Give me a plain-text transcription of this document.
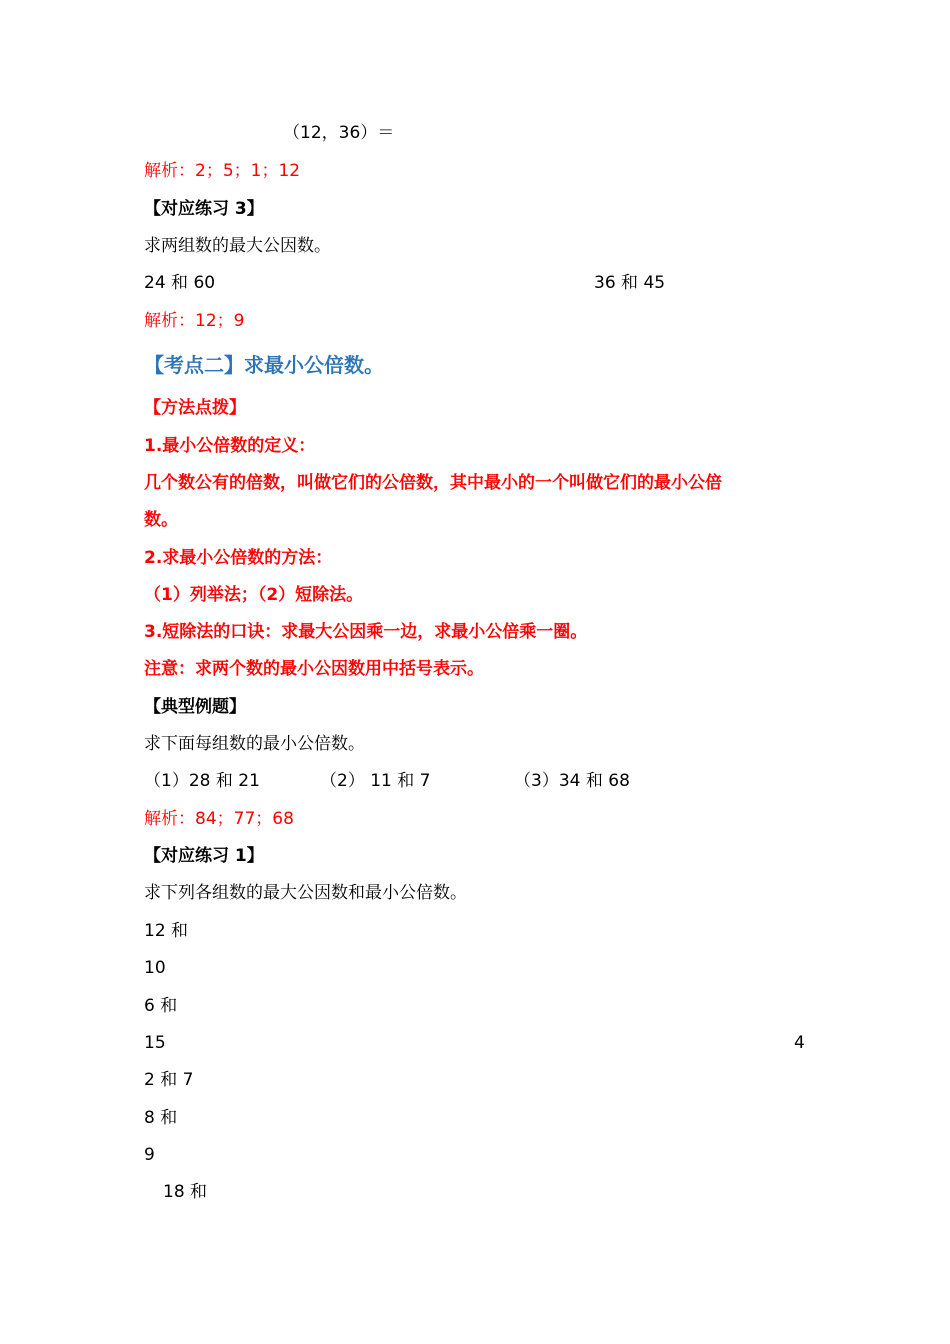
（12，36）＝
解析：2；5；1；12
【对应练习 3】
求两组数的最大公因数。
24 和 60	36 和 45
解析：12；9
【考点二】求最小公倍数。
【方法点拨】
1.最小公倍数的定义：
几个数公有的倍数，叫做它们的公倍数，其中最小的一个叫做它们的最小公倍
数。
2.求最小公倍数的方法：
（1）列举法；（2）短除法。
3.短除法的口诀：求最大公因乘一边，求最小公倍乘一圈。
注意：求两个数的最小公因数用中括号表示。
【典型例题】
求下面每组数的最小公倍数。
（1）28 和 21	（2） 11 和 7	（3）34 和 68
解析：84；77；68
【对应练习 1】
求下列各组数的最大公因数和最小公倍数。
12 和
10
6 和
15	4
2 和 7
8 和
9
18 和
